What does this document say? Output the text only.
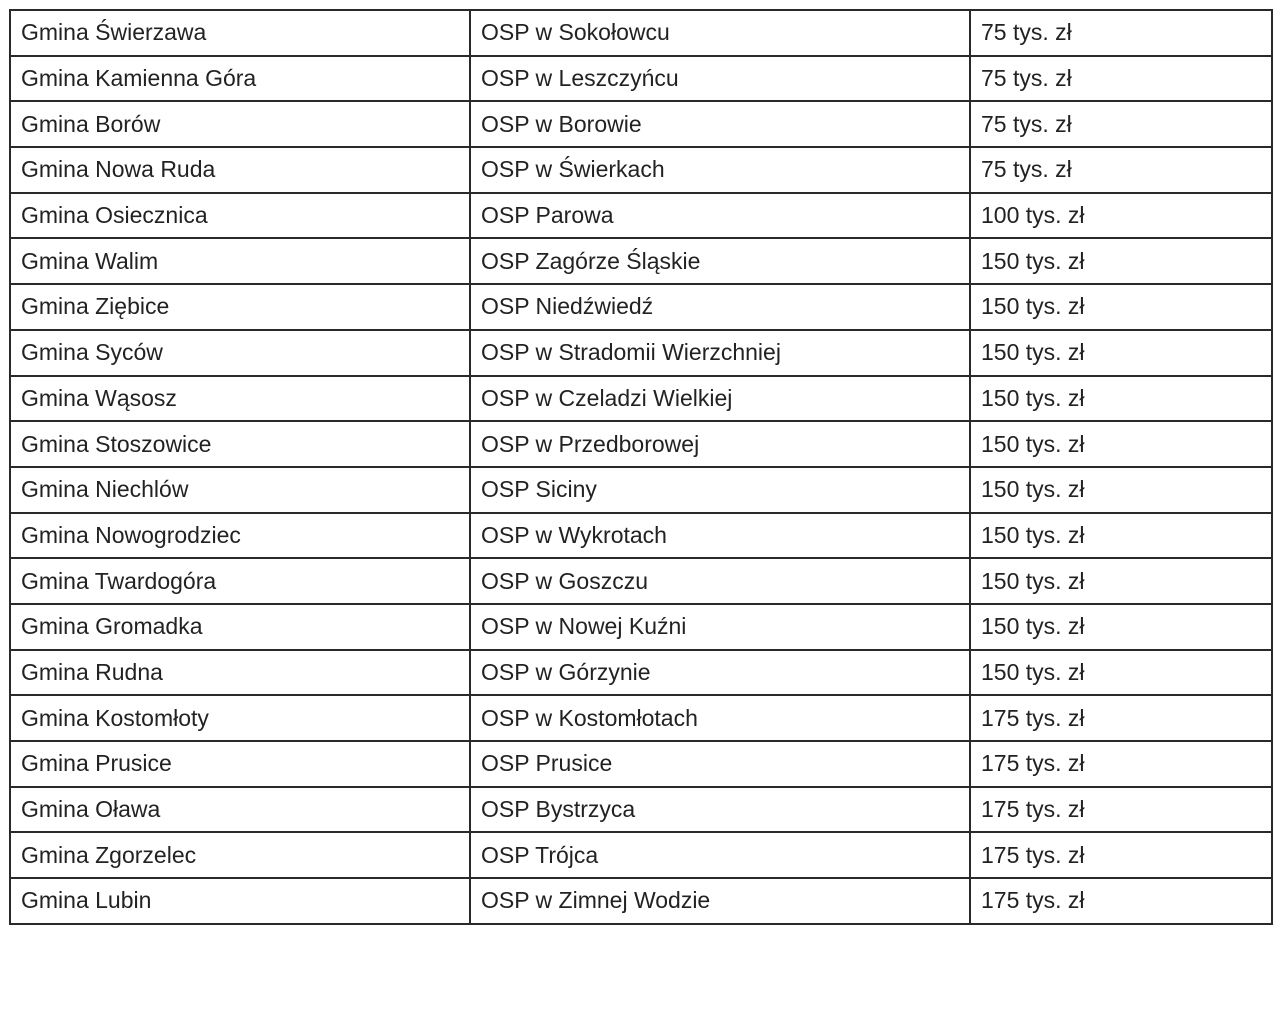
Gmina Świerzawa	OSP w Sokołowcu	75 tys. zł
Gmina Kamienna Góra	OSP w Leszczyńcu	75 tys. zł
Gmina Borów	OSP w Borowie	75 tys. zł
Gmina Nowa Ruda	OSP w Świerkach	75 tys. zł
Gmina Osiecznica	OSP Parowa	100 tys. zł
Gmina Walim	OSP Zagórze Śląskie	150 tys. zł
Gmina Ziębice	OSP Niedźwiedź	150 tys. zł
Gmina Syców	OSP w Stradomii Wierzchniej	150 tys. zł
Gmina Wąsosz	OSP w Czeladzi Wielkiej	150 tys. zł
Gmina Stoszowice	OSP w Przedborowej	150 tys. zł
Gmina Niechlów	OSP Siciny	150 tys. zł
Gmina Nowogrodziec	OSP w Wykrotach	150 tys. zł
Gmina Twardogóra	OSP w Goszczu	150 tys. zł
Gmina Gromadka	OSP w Nowej Kuźni	150 tys. zł
Gmina Rudna	OSP w Górzynie	150 tys. zł
Gmina Kostomłoty	OSP w Kostomłotach	175 tys. zł
Gmina Prusice	OSP Prusice	175 tys. zł
Gmina Oława	OSP Bystrzyca	175 tys. zł
Gmina Zgorzelec	OSP Trójca	175 tys. zł
Gmina Lubin	OSP w Zimnej Wodzie	175 tys. zł
